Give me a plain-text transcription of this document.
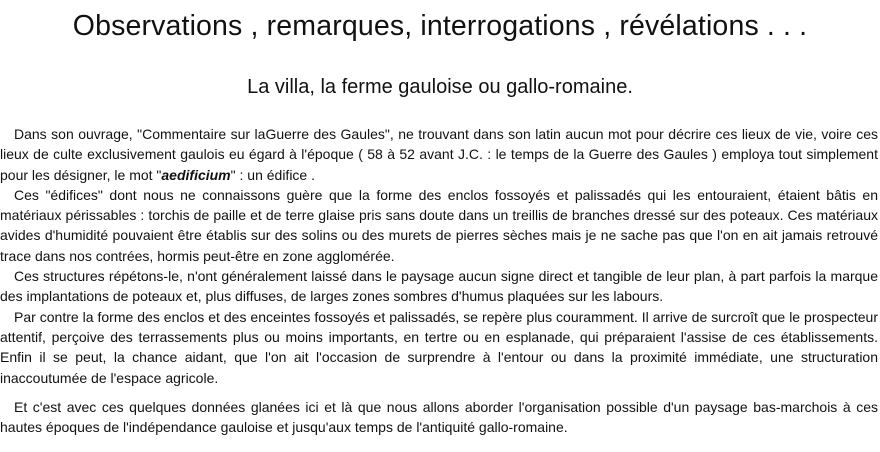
Observations , remarques, interrogations , révélations . . .
La villa, la ferme gauloise ou gallo-romaine.

Dans son ouvrage, "Commentaire sur laGuerre des Gaules", ne trouvant dans son latin aucun mot pour décrire ces lieux de vie, voire ces lieux de culte exclusivement gaulois eu égard à l'époque ( 58 à 52 avant J.C. : le temps de la Guerre des Gaules ) employa tout simplement pour les désigner, le mot "aedificium" : un édifice .

Ces "édifices" dont nous ne connaissons guère que la forme des enclos fossoyés et palissadés qui les entouraient, étaient bâtis en matériaux périssables : torchis de paille et de terre glaise pris sans doute dans un treillis de branches dressé sur des poteaux. Ces matériaux avides d'humidité pouvaient être établis sur des solins ou des murets de pierres sèches mais je ne sache pas que l'on en ait jamais retrouvé trace dans nos contrées, hormis peut-être en zone agglomérée.

Ces structures répétons-le, n'ont généralement laissé dans le paysage aucun signe direct et tangible de leur plan, à part parfois la marque des implantations de poteaux et, plus diffuses, de larges zones sombres d'humus plaquées sur les labours.

Par contre la forme des enclos et des enceintes fossoyés et palissadés, se repère plus couramment. Il arrive de surcroît que le prospecteur attentif, perçoive des terrassements plus ou moins importants, en tertre ou en esplanade, qui préparaient l'assise de ces établissements. Enfin il se peut, la chance aidant, que l'on ait l'occasion de surprendre à l'entour ou dans la proximité immédiate, une structuration inaccoutumée de l'espace agricole.

Et c'est avec ces quelques données glanées ici et là que nous allons aborder l'organisation possible d'un paysage bas-marchois à ces hautes époques de l'indépendance gauloise et jusqu'aux temps de l'antiquité gallo-romaine.
